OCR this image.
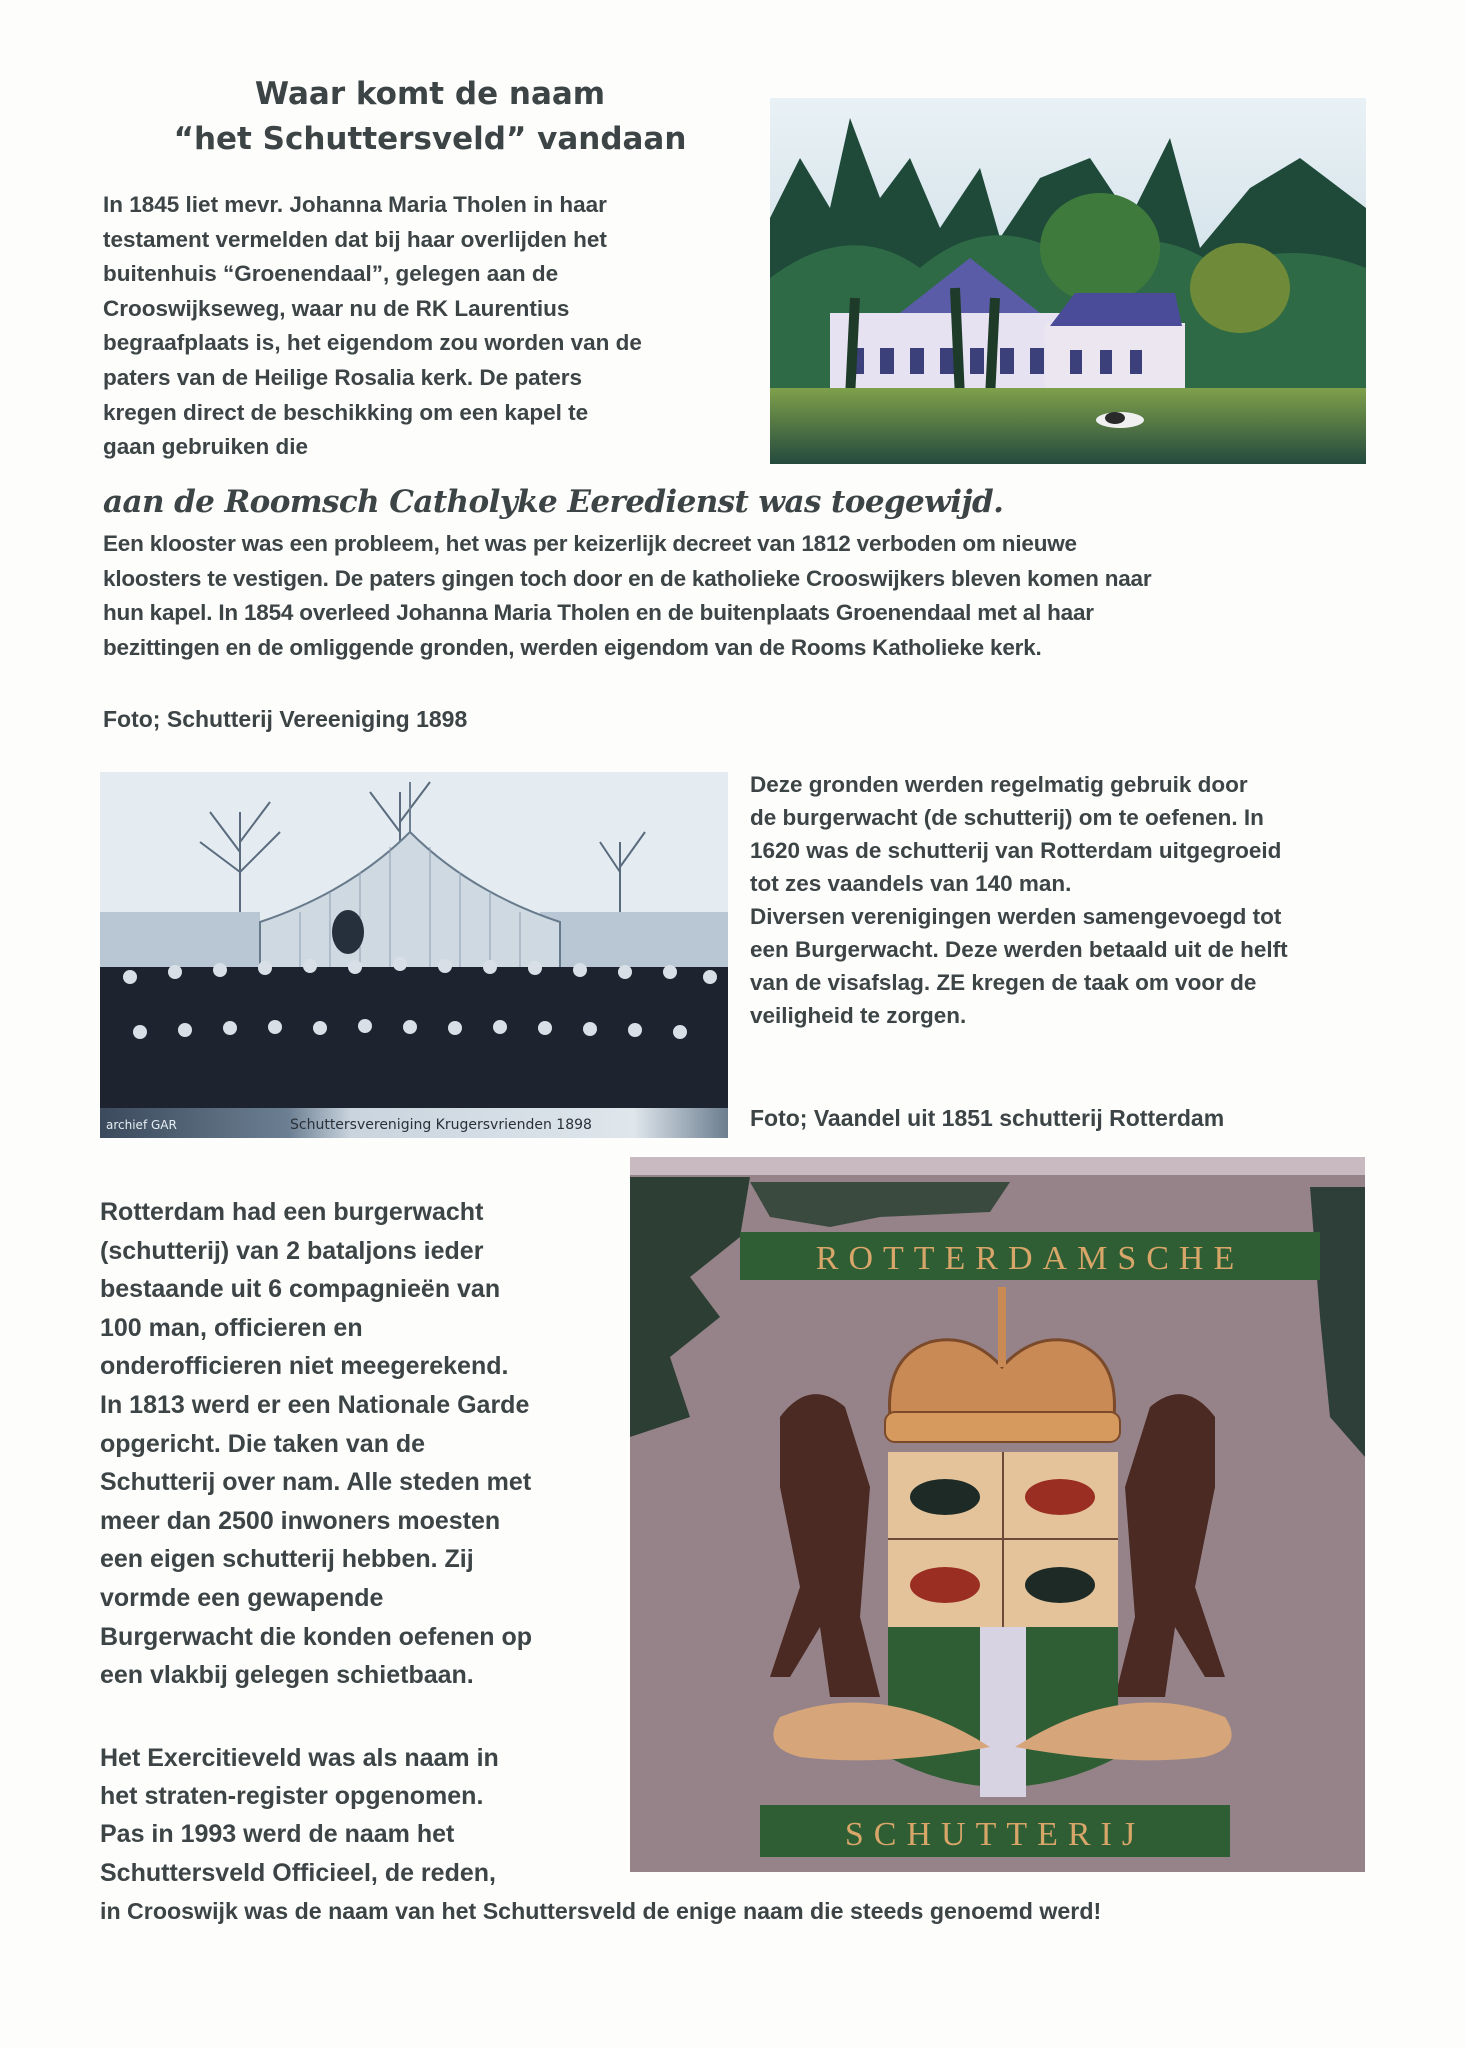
Waar komt de naam
“het Schuttersveld” vandaan
In 1845 liet mevr. Johanna Maria Tholen in haar
testament vermelden dat bij haar overlijden het
buitenhuis “Groenendaal”, gelegen aan de
Crooswijkseweg, waar nu de RK Laurentius
begraafplaats is, het eigendom zou worden van de
paters van de Heilige Rosalia kerk. De paters
kregen direct de beschikking om een kapel te
gaan gebruiken die
aan de Roomsch Catholyke Eeredienst was toegewijd.
Een klooster was een probleem, het was per keizerlijk decreet van 1812 verboden om nieuwe
kloosters te vestigen. De paters gingen toch door en de katholieke Crooswijkers bleven komen naar
hun kapel. In 1854 overleed Johanna Maria Tholen en de buitenplaats Groenendaal met al haar
bezittingen en de omliggende gronden, werden eigendom van de Rooms Katholieke kerk.
Foto; Schutterij Vereeniging 1898
archief GAR	Schuttersvereniging Krugersvrienden 1898
Deze gronden werden regelmatig gebruik door
de burgerwacht (de schutterij) om te oefenen. In
1620 was de schutterij van Rotterdam uitgegroeid
tot zes vaandels van 140 man.
Diversen verenigingen werden samengevoegd tot
een Burgerwacht. Deze werden betaald uit de helft
van de visafslag. ZE kregen de taak om voor de
veiligheid te zorgen.
Foto; Vaandel uit 1851 schutterij Rotterdam
ROTTERDAMSCHE
SCHUTTERIJ
Rotterdam had een burgerwacht
(schutterij) van 2 bataljons ieder
bestaande uit 6 compagnieën van
100 man, officieren en
onderofficieren niet meegerekend.
In 1813 werd er een Nationale Garde
opgericht. Die taken van de
Schutterij over nam. Alle steden met
meer dan 2500 inwoners moesten
een eigen schutterij hebben. Zij
vormde een gewapende
Burgerwacht die konden oefenen op
een vlakbij gelegen schietbaan.
Het Exercitieveld was als naam in
het straten-register opgenomen.
Pas in 1993 werd de naam het
Schuttersveld Officieel, de reden,
in Crooswijk was de naam van het Schuttersveld de enige naam die steeds genoemd werd!
